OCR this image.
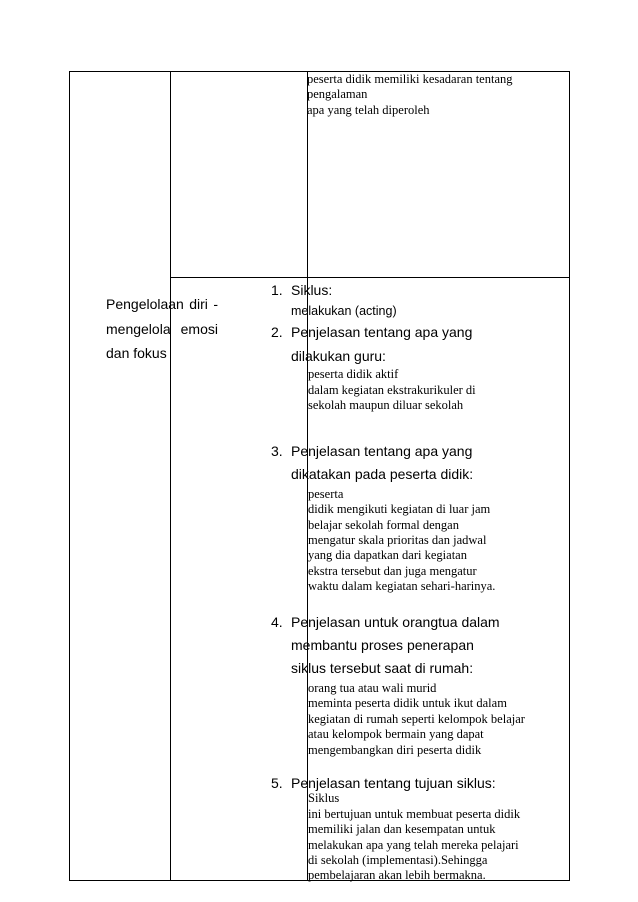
peserta didik memiliki kesadaran tentang
pengalaman
apa yang telah diperoleh
Pengelolaan diri -
mengelola emosi
dan fokus
1. Siklus:
melakukan (acting)
2. Penjelasan tentang apa yang
dilakukan guru:
peserta didik aktif
dalam kegiatan ekstrakurikuler di
sekolah maupun diluar sekolah
3. Penjelasan tentang apa yang
dikatakan pada peserta didik:
peserta
didik mengikuti kegiatan di luar jam
belajar sekolah formal dengan
mengatur skala prioritas dan jadwal
yang dia dapatkan dari kegiatan
ekstra tersebut dan juga mengatur
waktu dalam kegiatan sehari-harinya.
4. Penjelasan untuk orangtua dalam
membantu proses penerapan
siklus tersebut saat di rumah:
orang tua atau wali murid
meminta peserta didik untuk ikut dalam
kegiatan di rumah seperti kelompok belajar
atau kelompok bermain yang dapat
mengembangkan diri peserta didik
5. Penjelasan tentang tujuan siklus:
Siklus
ini bertujuan untuk membuat peserta didik
memiliki jalan dan kesempatan untuk
melakukan apa yang telah mereka pelajari
di sekolah (implementasi).Sehingga
pembelajaran akan lebih bermakna.
